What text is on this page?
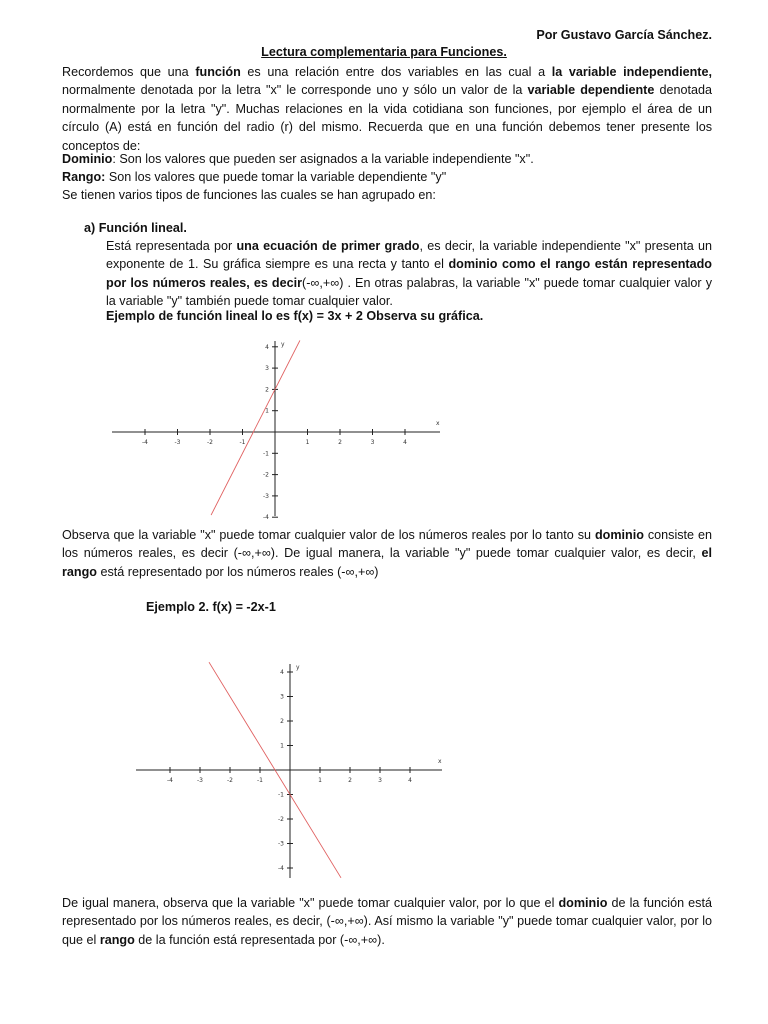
Por Gustavo García Sánchez.
Lectura complementaria para Funciones.
Recordemos que una función es una relación entre dos variables en las cual a la variable independiente, normalmente denotada por la letra "x" le corresponde uno y sólo un valor de la variable dependiente denotada normalmente por la letra "y". Muchas relaciones en la vida cotidiana son funciones, por ejemplo el área de un círculo (A) está en función del radio (r) del mismo. Recuerda que en una función debemos tener presente los conceptos de:
Dominio: Son los valores que pueden ser asignados a la variable independiente "x".
Rango: Son los valores que puede tomar la variable dependiente "y"
Se tienen varios tipos de funciones las cuales se han agrupado en:
a) Función lineal.
Está representada por una ecuación de primer grado, es decir, la variable independiente "x" presenta un exponente de 1. Su gráfica siempre es una recta y tanto el dominio como el rango están representado por los números reales, es decir(-∞,+∞) . En otras palabras, la variable "x" puede tomar cualquier valor y la variable "y" también puede tomar cualquier valor.
Ejemplo de función lineal lo es f(x) = 3x + 2 Observa su gráfica.
-4	-3	-2	-1	1	2	3	4
4
3
2
1
-1
-2
-3
-4
x
y
Observa que la variable "x" puede tomar cualquier valor de los números reales por lo tanto su dominio consiste en los números reales, es decir (-∞,+∞). De igual manera, la variable "y" puede tomar cualquier valor, es decir, el rango está representado por los números reales (-∞,+∞)
Ejemplo 2. f(x) = -2x-1
-4	-3	-2	-1	1	2	3	4
4
3
2
1
-1
-2
-3
-4
x
y
De igual manera, observa que la variable "x" puede tomar cualquier valor, por lo que el dominio de la función está representado por los números reales, es decir, (-∞,+∞). Así mismo la variable "y" puede tomar cualquier valor, por lo que el rango de la función está representada por (-∞,+∞).
